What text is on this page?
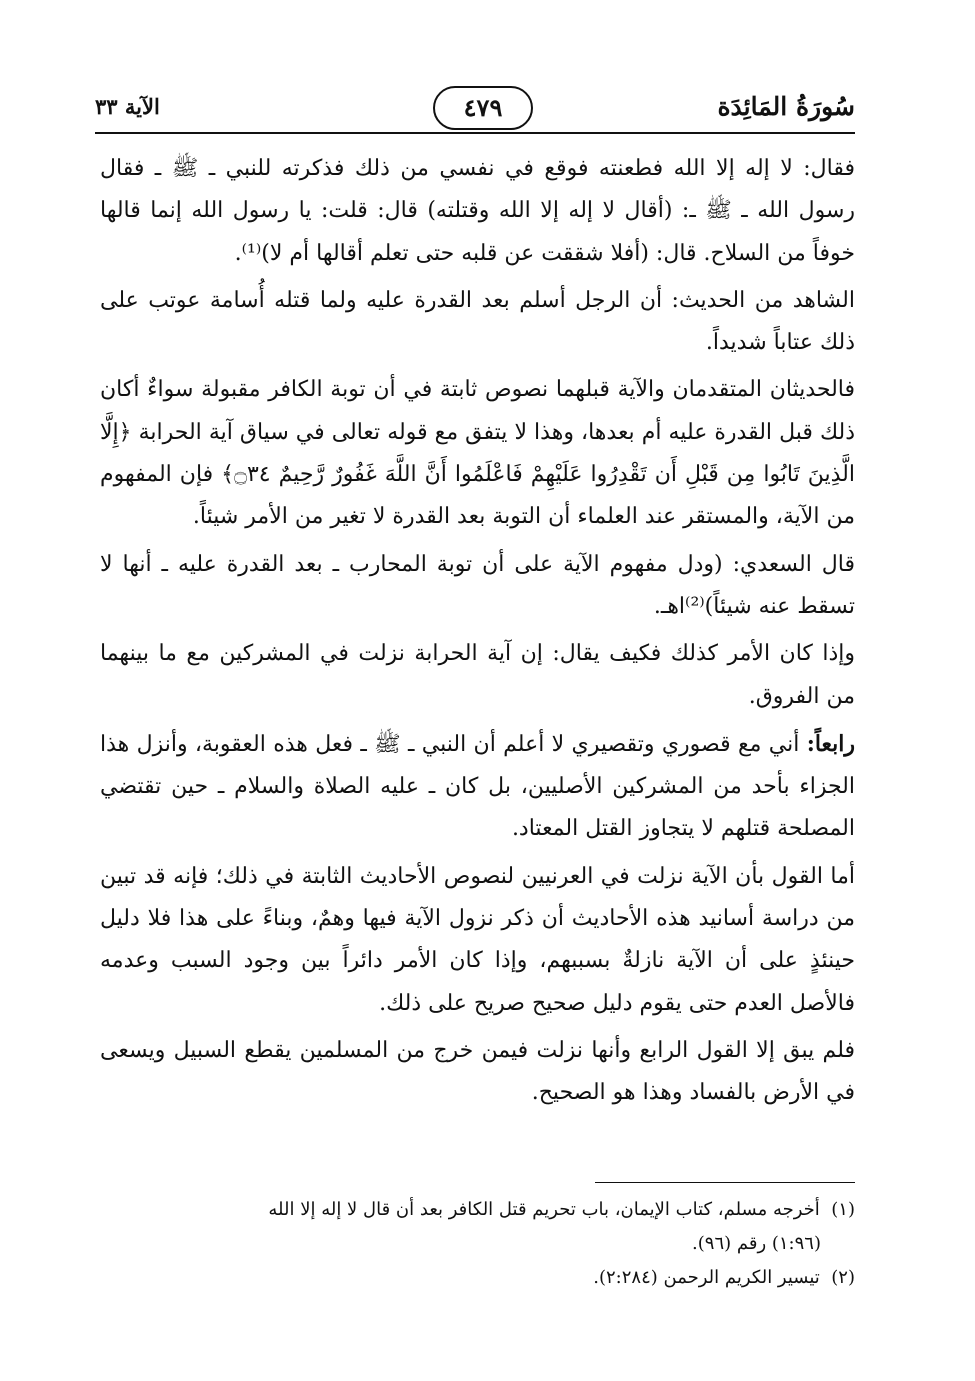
سُورَةُ المَائِدَة
٤٧٩
الآية ٣٣

فقال: لا إله إلا الله فطعنته فوقع في نفسي من ذلك فذكرته للنبي ـ ﷺ ـ فقال رسول الله ـ ﷺ ـ: (أقال لا إله إلا الله وقتلته) قال: قلت: يا رسول الله إنما قالها خوفاً من السلاح. قال: (أفلا شققت عن قلبه حتى تعلم أقالها أم لا)⁽¹⁾.

الشاهد من الحديث: أن الرجل أسلم بعد القدرة عليه ولما قتله أُسامة عوتب على ذلك عتاباً شديداً.

فالحديثان المتقدمان والآية قبلهما نصوص ثابتة في أن توبة الكافر مقبولة سواءٌ أكان ذلك قبل القدرة عليه أم بعدها، وهذا لا يتفق مع قوله تعالى في سياق آية الحرابة ﴿إِلَّا الَّذِينَ تَابُوا مِن قَبْلِ أَن تَقْدِرُوا عَلَيْهِمْ فَاعْلَمُوا أَنَّ اللَّهَ غَفُورٌ رَّحِيمٌ ۝٣٤﴾ فإن المفهوم من الآية، والمستقر عند العلماء أن التوبة بعد القدرة لا تغير من الأمر شيئاً.

قال السعدي: (ودل مفهوم الآية على أن توبة المحارب ـ بعد القدرة عليه ـ أنها لا تسقط عنه شيئاً)⁽²⁾اهـ.

وإذا كان الأمر كذلك فكيف يقال: إن آية الحرابة نزلت في المشركين مع ما بينهما من الفروق.

رابعاً: أني مع قصوري وتقصيري لا أعلم أن النبي ـ ﷺ ـ فعل هذه العقوبة، وأنزل هذا الجزاء بأحد من المشركين الأصليين، بل كان ـ عليه الصلاة والسلام ـ حين تقتضي المصلحة قتلهم لا يتجاوز القتل المعتاد.

أما القول بأن الآية نزلت في العرنيين لنصوص الأحاديث الثابتة في ذلك؛ فإنه قد تبين من دراسة أسانيد هذه الأحاديث أن ذكر نزول الآية فيها وهمٌ، وبناءً على هذا فلا دليل حينئذٍ على أن الآية نازلةٌ بسببهم، وإذا كان الأمر دائراً بين وجود السبب وعدمه فالأصل العدم حتى يقوم دليل صحيح صريح على ذلك.

فلم يبق إلا القول الرابع وأنها نزلت فيمن خرج من المسلمين يقطع السبيل ويسعى في الأرض بالفساد وهذا هو الصحيح.

(١)  أخرجه مسلم، كتاب الإيمان، باب تحريم قتل الكافر بعد أن قال لا إله إلا الله

(١:٩٦) رقم (٩٦).

(٢)  تيسير الكريم الرحمن (٢:٢٨٤).
